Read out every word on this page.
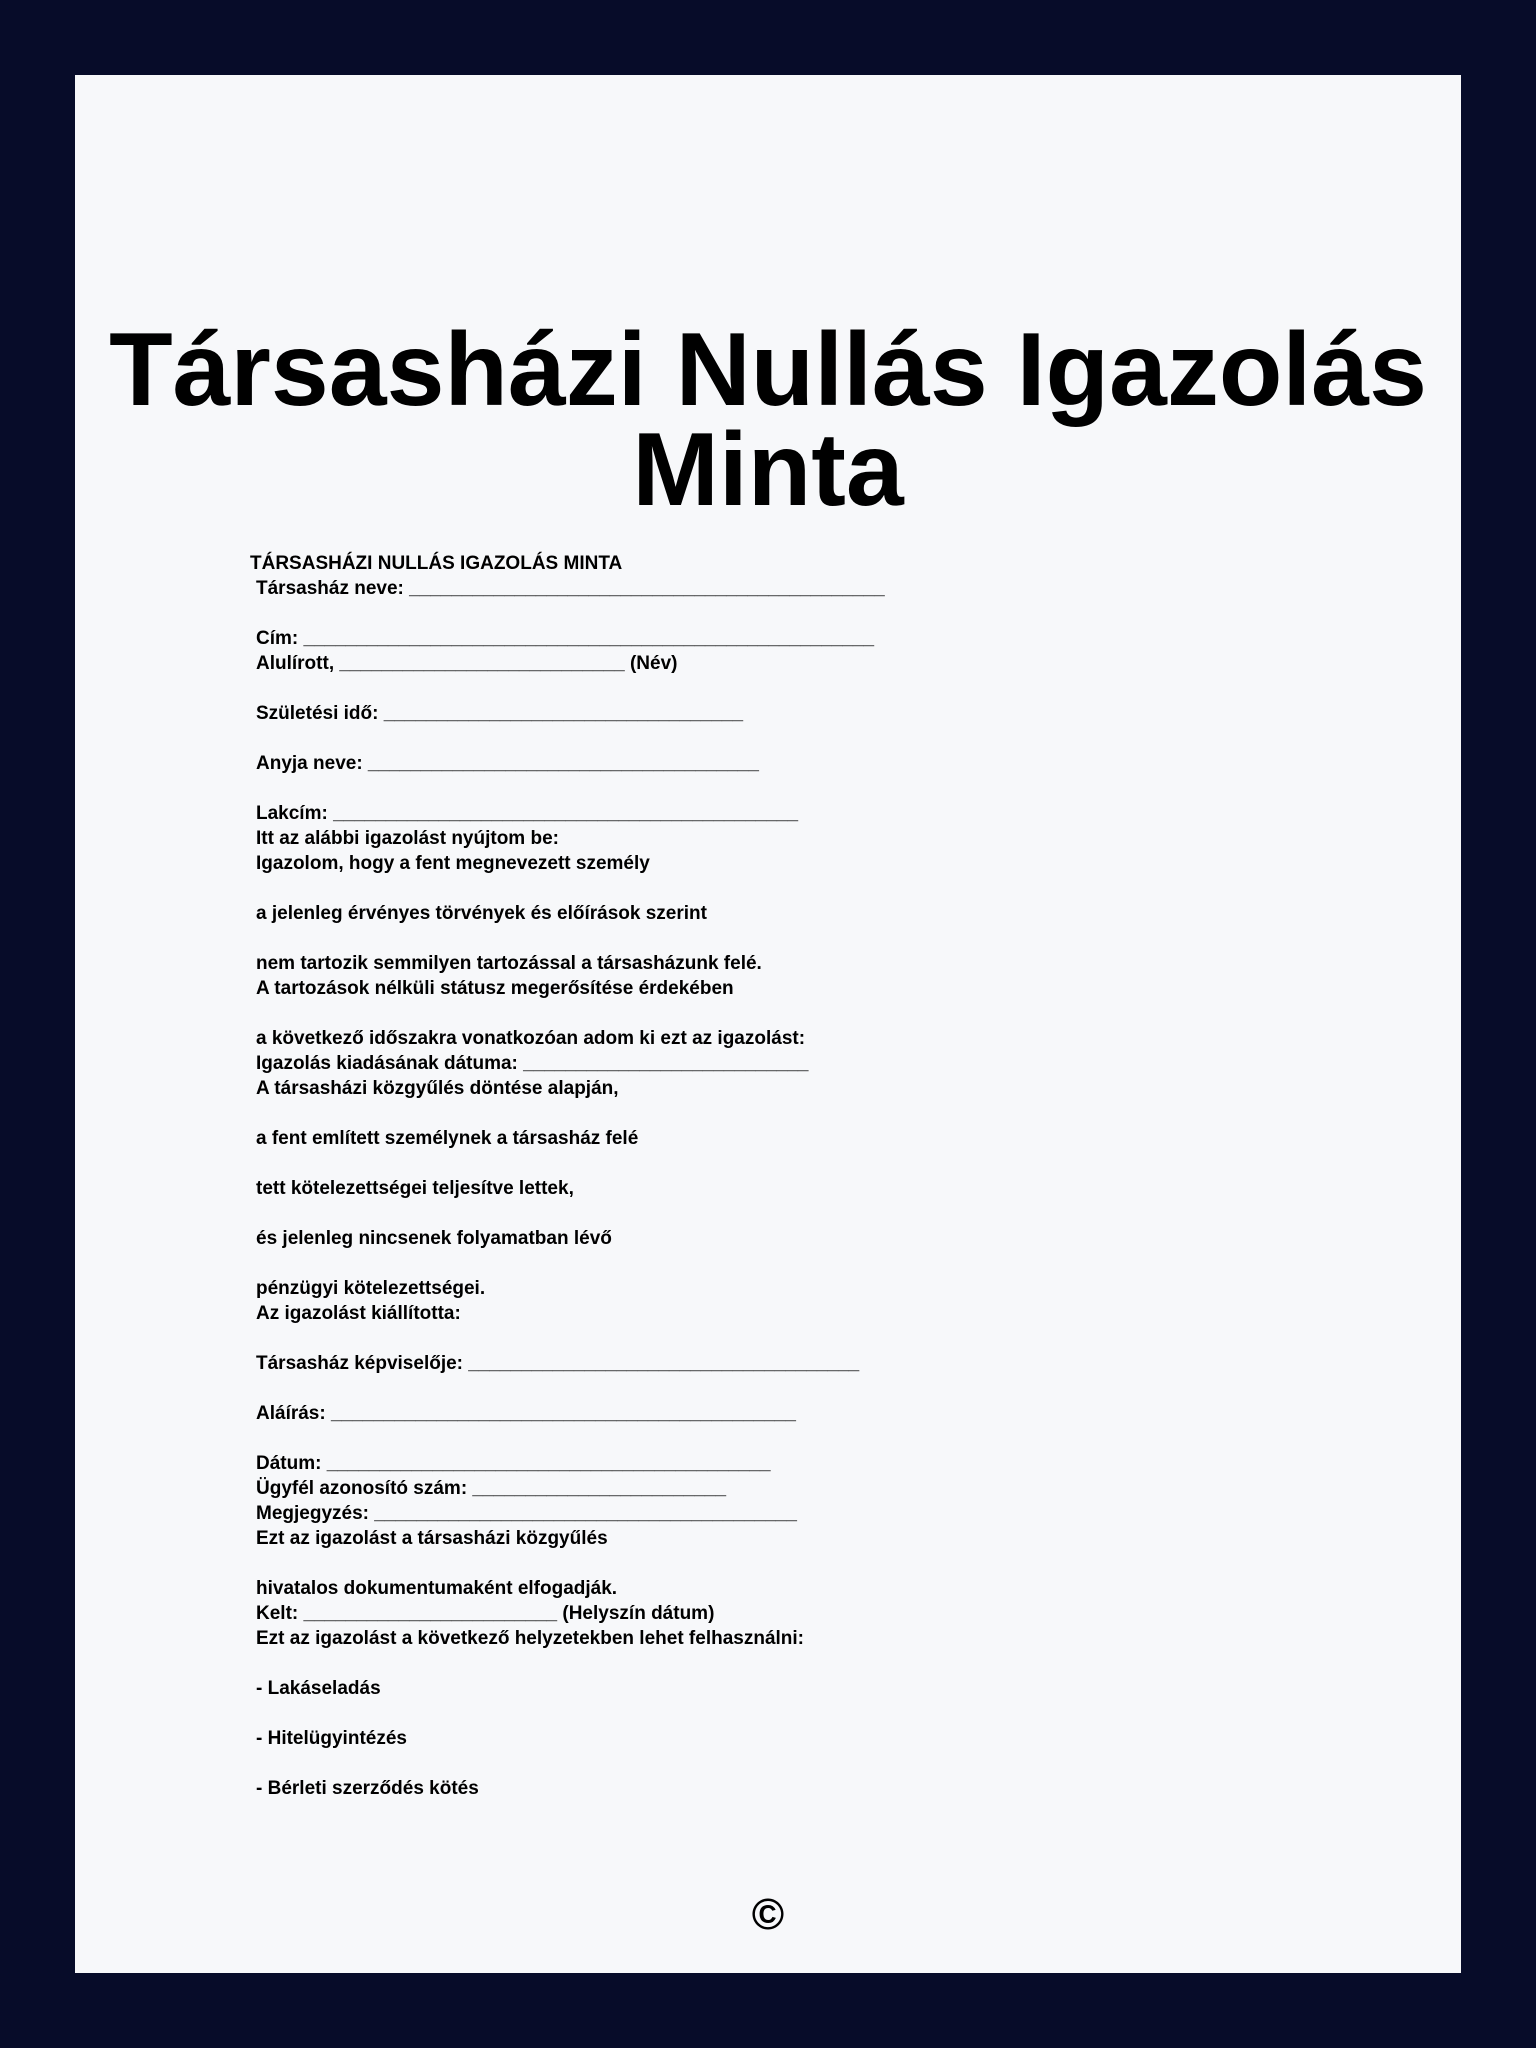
Társasházi Nullás Igazolás Minta
TÁRSASHÁZI NULLÁS IGAZOLÁS MINTA
Társasház neve: _____________________________________________
Cím: ______________________________________________________
Alulírott, ___________________________ (Név)
Születési idő: __________________________________
Anyja neve: _____________________________________
Lakcím: ____________________________________________
Itt az alábbi igazolást nyújtom be:
Igazolom, hogy a fent megnevezett személy
a jelenleg érvényes törvények és előírások szerint
nem tartozik semmilyen tartozással a társasházunk felé.
A tartozások nélküli státusz megerősítése érdekében
a következő időszakra vonatkozóan adom ki ezt az igazolást:
Igazolás kiadásának dátuma: ___________________________
A társasházi közgyűlés döntése alapján,
a fent említett személynek a társasház felé
tett kötelezettségei teljesítve lettek,
és jelenleg nincsenek folyamatban lévő
pénzügyi kötelezettségei.
Az igazolást kiállította:
Társasház képviselője: _____________________________________
Aláírás: ____________________________________________
Dátum: __________________________________________
Ügyfél azonosító szám: ________________________
Megjegyzés: ________________________________________
Ezt az igazolást a társasházi közgyűlés
hivatalos dokumentumaként elfogadják.
Kelt: ________________________ (Helyszín dátum)
Ezt az igazolást a következő helyzetekben lehet felhasználni:
- Lakáseladás
- Hitelügyintézés
- Bérleti szerződés kötés
©
